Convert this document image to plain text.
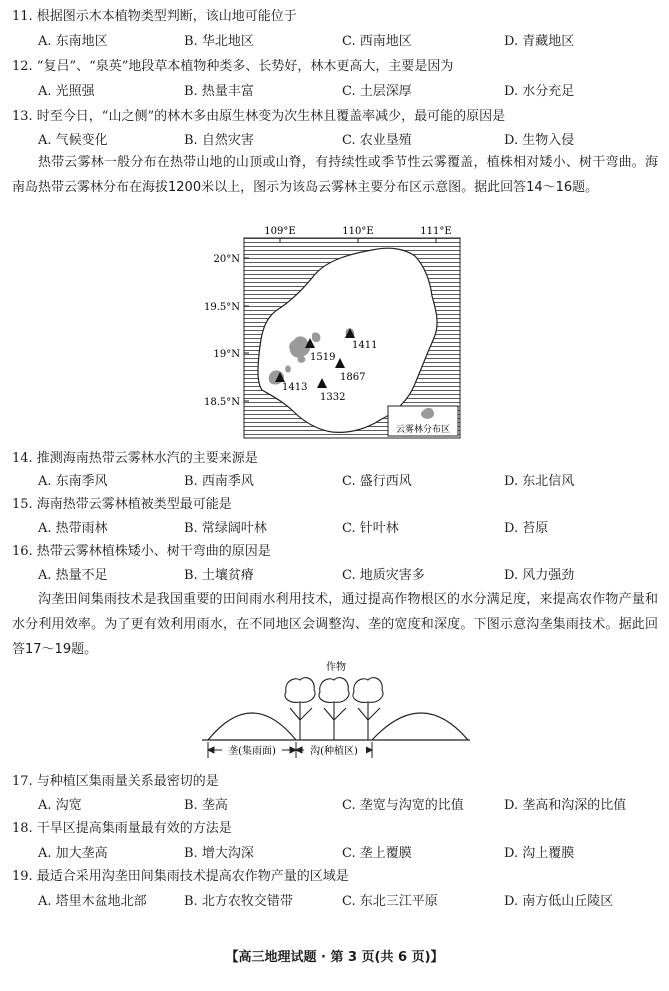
11. 根据图示木本植物类型判断，该山地可能位于
A. 东南地区	B. 华北地区	C. 西南地区	D. 青藏地区
12. “复吕”、“泉英”地段草本植物种类多、长势好，林木更高大，主要是因为
A. 光照强	B. 热量丰富	C. 土层深厚	D. 水分充足
13. 时至今日，“山之侧”的林木多由原生林变为次生林且覆盖率减少，最可能的原因是
A. 气候变化	B. 自然灾害	C. 农业垦殖	D. 生物入侵

热带云雾林一般分布在热带山地的山顶或山脊，有持续性或季节性云雾覆盖，植株相对矮小、树干弯曲。海南岛热带云雾林分布在海拔1200米以上，图示为该岛云雾林主要分布区示意图。据此回答14～16题。

109°E	110°E	111°E
20°N
19.5°N
19°N
18.5°N
1411
1519
1867
1413
1332
云雾林分布区
14. 推测海南热带云雾林水汽的主要来源是
A. 东南季风	B. 西南季风	C. 盛行西风	D. 东北信风
15. 海南热带云雾林植被类型最可能是
A. 热带雨林	B. 常绿阔叶林	C. 针叶林	D. 苔原
16. 热带云雾林植株矮小、树干弯曲的原因是
A. 热量不足	B. 土壤贫瘠	C. 地质灾害多	D. 风力强劲

沟垄田间集雨技术是我国重要的田间雨水利用技术，通过提高作物根区的水分满足度，来提高农作物产量和水分利用效率。为了更有效利用雨水，在不同地区会调整沟、垄的宽度和深度。下图示意沟垄集雨技术。据此回答17～19题。

作物
垄(集雨面)	沟(种植区)
17. 与种植区集雨量关系最密切的是
A. 沟宽	B. 垄高	C. 垄宽与沟宽的比值	D. 垄高和沟深的比值
18. 干旱区提高集雨量最有效的方法是
A. 加大垄高	B. 增大沟深	C. 垄上覆膜	D. 沟上覆膜
19. 最适合采用沟垄田间集雨技术提高农作物产量的区域是
A. 塔里木盆地北部	B. 北方农牧交错带	C. 东北三江平原	D. 南方低山丘陵区
【高三地理试题 · 第 3 页(共 6 页)】
